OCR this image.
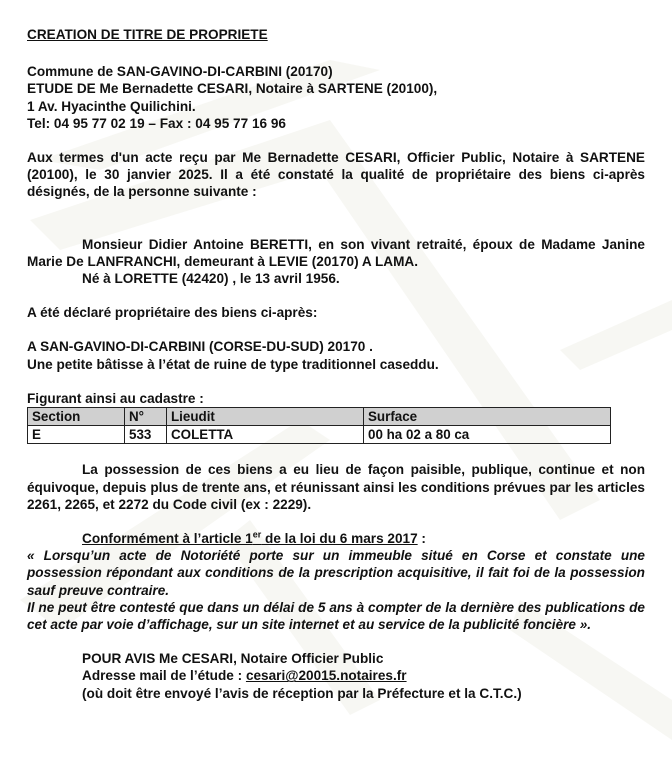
CREATION DE TITRE DE PROPRIETE

Commune de SAN-GAVINO-DI-CARBINI (20170)

ETUDE DE Me Bernadette CESARI, Notaire à SARTENE (20100),

1 Av. Hyacinthe Quilichini.

Tel: 04 95 77 02 19 – Fax : 04 95 77 16 96

Aux termes d'un acte reçu par Me Bernadette CESARI, Officier Public, Notaire à SARTENE (20100), le 30 janvier 2025. Il a été constaté la qualité de propriétaire des biens ci-après désignés, de la personne suivante :

Monsieur Didier Antoine BERETTI, en son vivant retraité, époux de Madame Janine Marie De LANFRANCHI, demeurant à LEVIE (20170) A LAMA.

Né à LORETTE (42420) , le 13 avril 1956.

A été déclaré propriétaire des biens ci-après:

A SAN-GAVINO-DI-CARBINI (CORSE-DU-SUD) 20170 .

Une petite bâtisse à l’état de ruine de type traditionnel caseddu.

Figurant ainsi au cadastre :

Section	N°	Lieudit	Surface
E	533	COLETTA	00 ha 02 a 80 ca

La possession de ces biens a eu lieu de façon paisible, publique, continue et non équivoque, depuis plus de trente ans, et réunissant ainsi les conditions prévues par les articles 2261, 2265, et 2272 du Code civil (ex : 2229).

Conformément à l’article 1er de la loi du 6 mars 2017 :

« Lorsqu’un acte de Notoriété porte sur un immeuble situé en Corse et constate une possession répondant aux conditions de la prescription acquisitive, il fait foi de la possession sauf preuve contraire.

Il ne peut être contesté que dans un délai de 5 ans à compter de la dernière des publications de cet acte par voie d’affichage, sur un site internet et au service de la publicité foncière ».

POUR AVIS Me CESARI, Notaire Officier Public

Adresse mail de l’étude : cesari@20015.notaires.fr

(où doit être envoyé l’avis de réception par la Préfecture et la C.T.C.)
